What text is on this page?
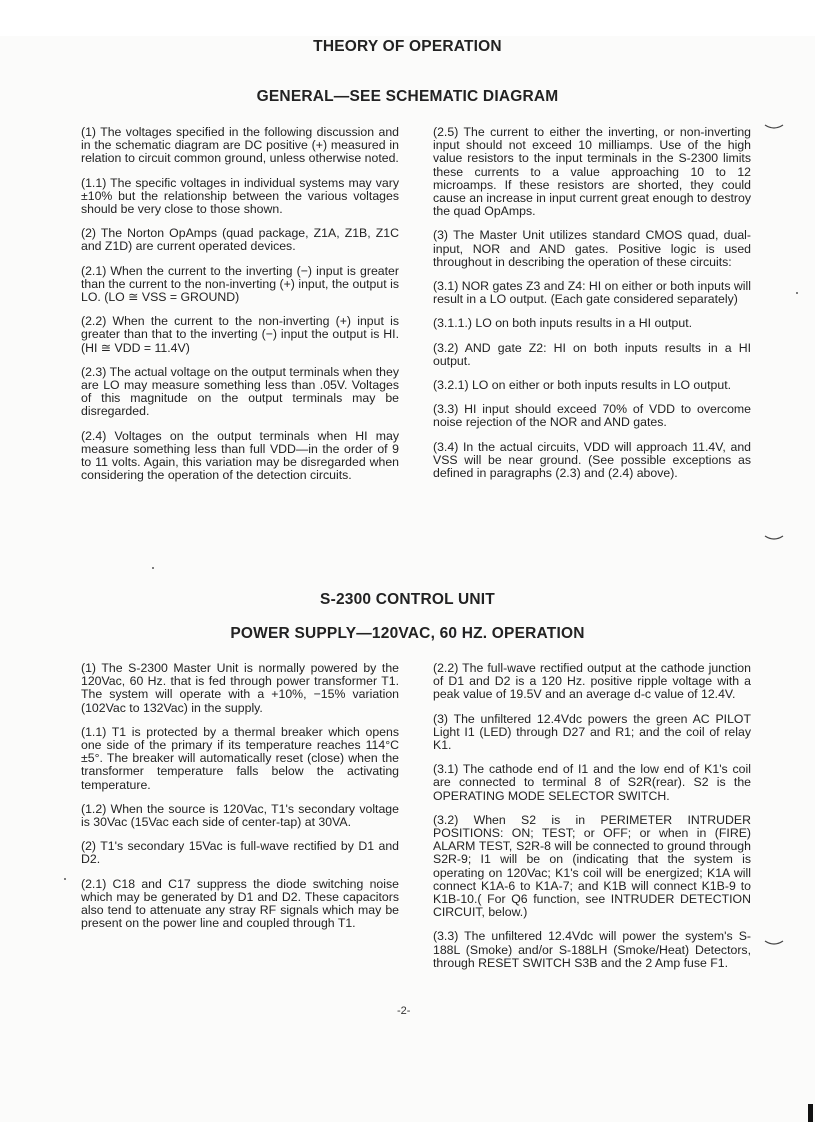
THEORY OF OPERATION
GENERAL—SEE SCHEMATIC DIAGRAM

(1) The voltages specified in the following discussion and in the schematic diagram are DC positive (+) measured in relation to circuit common ground, unless otherwise noted.

(1.1) The specific voltages in individual systems may vary ±10% but the relationship between the various voltages should be very close to those shown.

(2) The Norton OpAmps (quad package, Z1A, Z1B, Z1C and Z1D) are current operated devices.

(2.1) When the current to the inverting (−) input is greater than the current to the non-inverting (+) input, the output is LO. (LO ≅ VSS = GROUND)

(2.2) When the current to the non-inverting (+) input is greater than that to the inverting (−) input the output is HI. (HI ≅ VDD = 11.4V)

(2.3) The actual voltage on the output terminals when they are LO may measure something less than .05V. Voltages of this magnitude on the output terminals may be disregarded.

(2.4) Voltages on the output terminals when HI may measure something less than full VDD—in the order of 9 to 11 volts. Again, this variation may be disregarded when considering the operation of the detection circuits.

(2.5) The current to either the inverting, or non-inverting input should not exceed 10 milliamps. Use of the high value resistors to the input terminals in the S-2300 limits these currents to a value approaching 10 to 12 microamps. If these resistors are shorted, they could cause an increase in input current great enough to destroy the quad OpAmps.

(3) The Master Unit utilizes standard CMOS quad, dual-input, NOR and AND gates. Positive logic is used throughout in describing the operation of these circuits:

(3.1) NOR gates Z3 and Z4: HI on either or both inputs will result in a LO output. (Each gate considered separately)

(3.1.1.) LO on both inputs results in a HI output.

(3.2) AND gate Z2: HI on both inputs results in a HI output.

(3.2.1) LO on either or both inputs results in LO output.

(3.3) HI input should exceed 70% of VDD to overcome noise rejection of the NOR and AND gates.

(3.4) In the actual circuits, VDD will approach 11.4V, and VSS will be near ground. (See possible exceptions as defined in paragraphs (2.3) and (2.4) above).

S-2300 CONTROL UNIT
POWER SUPPLY—120VAC, 60 HZ. OPERATION

(1) The S-2300 Master Unit is normally powered by the 120Vac, 60 Hz. that is fed through power transformer T1. The system will operate with a +10%, −15% variation (102Vac to 132Vac) in the supply.

(1.1) T1 is protected by a thermal breaker which opens one side of the primary if its temperature reaches 114°C ±5°. The breaker will automatically reset (close) when the transformer temperature falls below the activating temperature.

(1.2) When the source is 120Vac, T1's secondary voltage is 30Vac (15Vac each side of center-tap) at 30VA.

(2) T1's secondary 15Vac is full-wave rectified by D1 and D2.

(2.1) C18 and C17 suppress the diode switching noise which may be generated by D1 and D2. These capacitors also tend to attenuate any stray RF signals which may be present on the power line and coupled through T1.

(2.2) The full-wave rectified output at the cathode junction of D1 and D2 is a 120 Hz. positive ripple voltage with a peak value of 19.5V and an average d-c value of 12.4V.

(3) The unfiltered 12.4Vdc powers the green AC PILOT Light I1 (LED) through D27 and R1; and the coil of relay K1.

(3.1) The cathode end of I1 and the low end of K1's coil are connected to terminal 8 of S2R(rear). S2 is the OPERATING MODE SELECTOR SWITCH.

(3.2) When S2 is in PERIMETER INTRUDER POSITIONS: ON; TEST; or OFF; or when in (FIRE) ALARM TEST, S2R-8 will be connected to ground through S2R-9; I1 will be on (indicating that the system is operating on 120Vac; K1's coil will be energized; K1A will connect K1A-6 to K1A-7; and K1B will connect K1B-9 to K1B-10.( For Q6 function, see INTRUDER DETECTION CIRCUIT, below.)

(3.3) The unfiltered 12.4Vdc will power the system's S-188L (Smoke) and/or S-188LH (Smoke/Heat) Detectors, through RESET SWITCH S3B and the 2 Amp fuse F1.

-2-
